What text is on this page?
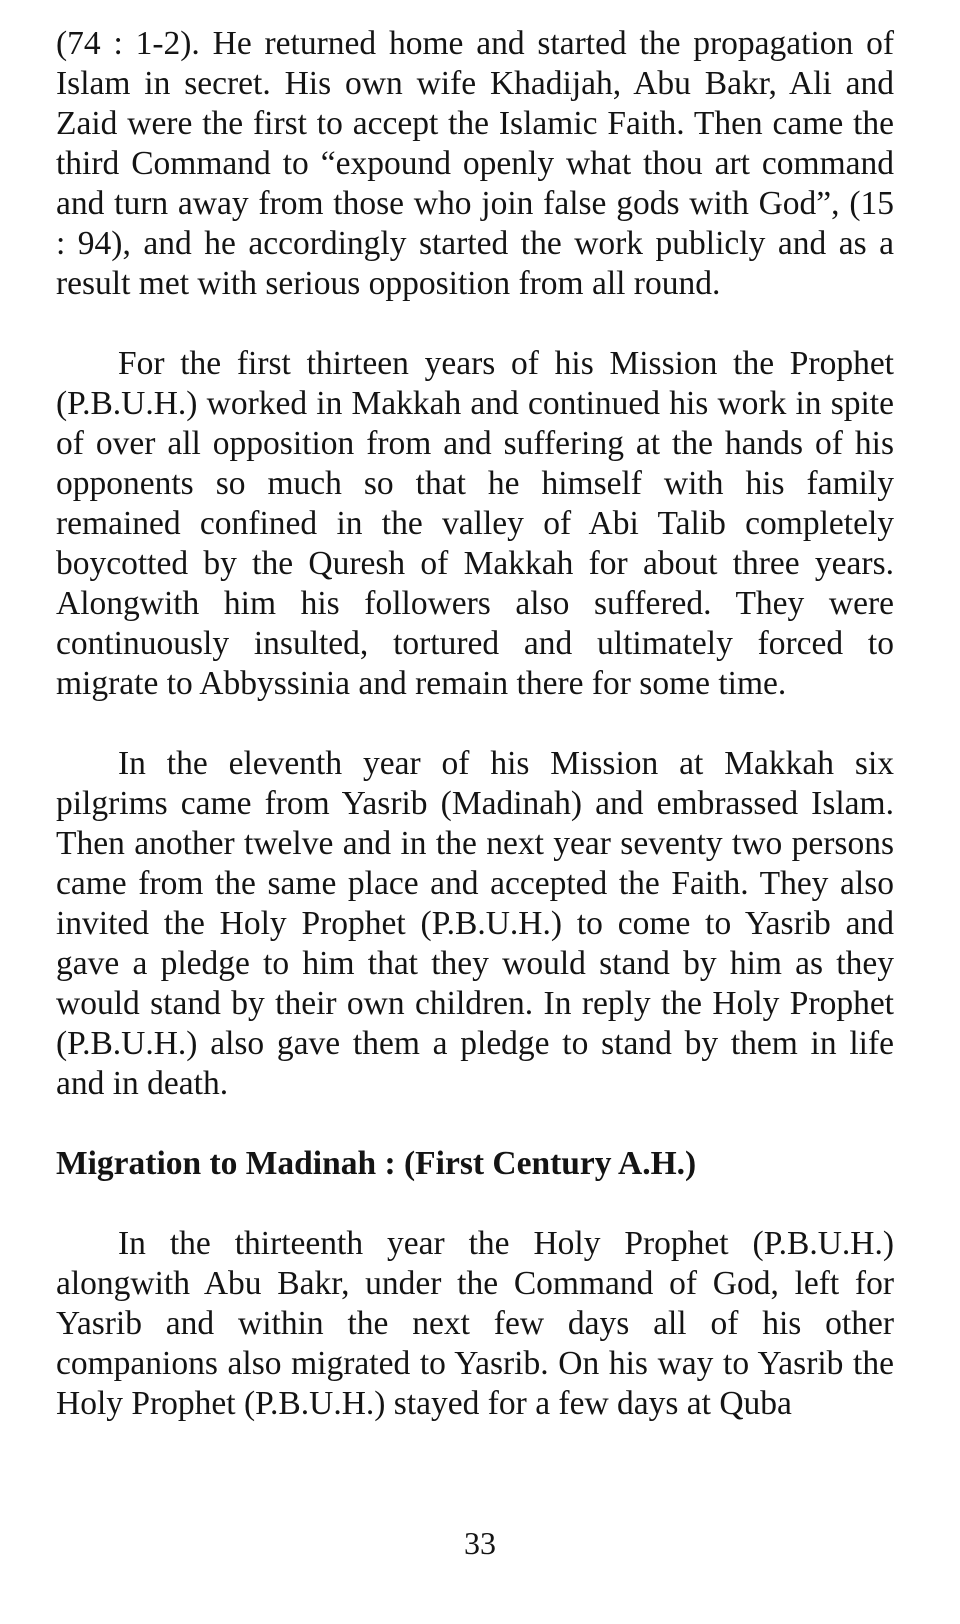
(74 : 1-2). He returned home and started the propagation of Islam in secret. His own wife Khadijah, Abu Bakr, Ali and Zaid were the first to accept the Islamic Faith. Then came the third Command to “expound openly what thou art command and turn away from those who join false gods with God”, (15 : 94), and he accordingly started the work publicly and as a result met with serious opposition from all round.

For the first thirteen years of his Mission the Prophet (P.B.U.H.) worked in Makkah and continued his work in spite of over all opposition from and suffering at the hands of his opponents so much so that he himself with his family remained confined in the valley of Abi Talib completely boycotted by the Quresh of Makkah for about three years. Alongwith him his followers also suffered. They were continuously insulted, tortured and ultimately forced to migrate to Abbyssinia and remain there for some time.

In the eleventh year of his Mission at Makkah six pilgrims came from Yasrib (Madinah) and embrassed Islam. Then another twelve and in the next year seventy two persons came from the same place and accepted the Faith. They also invited the Holy Prophet (P.B.U.H.) to come to Yasrib and gave a pledge to him that they would stand by him as they would stand by their own children. In reply the Holy Prophet (P.B.U.H.) also gave them a pledge to stand by them in life and in death.

Migration to Madinah : (First Century A.H.)

In the thirteenth year the Holy Prophet (P.B.U.H.) alongwith Abu Bakr, under the Command of God, left for Yasrib and within the next few days all of his other companions also migrated to Yasrib. On his way to Yasrib the Holy Prophet (P.B.U.H.) stayed for a few days at Quba

33
